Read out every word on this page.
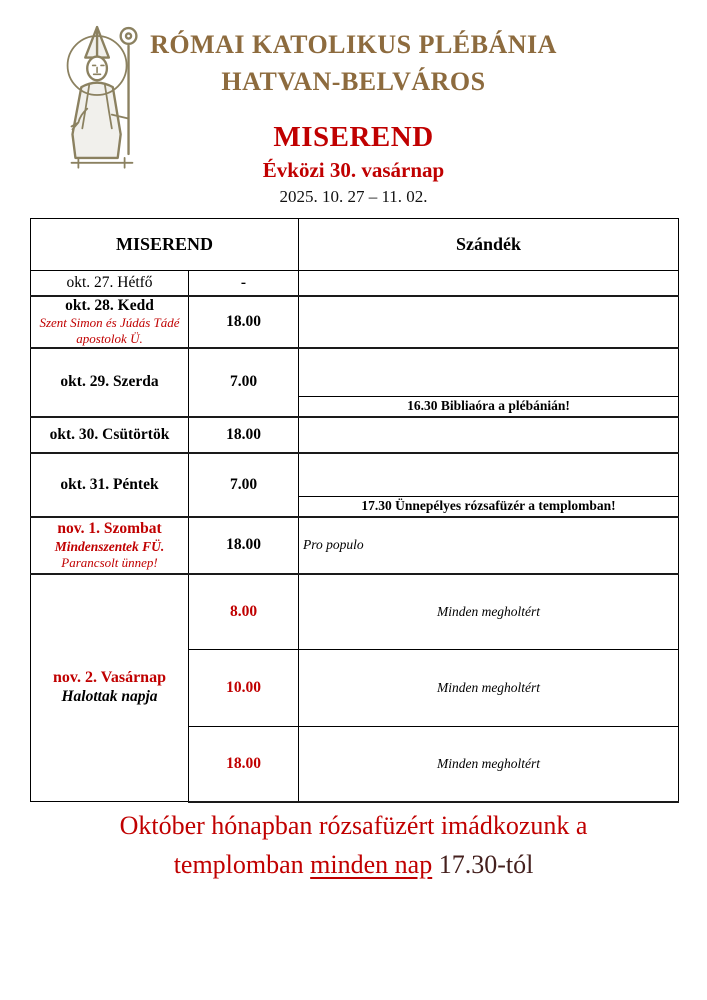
RÓMAI KATOLIKUS PLÉBÁNIA
HATVAN-BELVÁROS
MISEREND
Évközi 30. vasárnap
2025. 10. 27 – 11. 02.
MISEREND		Szándék
okt. 27. Hétfő	-	

okt. 28. Kedd
Szent Simon és Júdás Tádé
apostolok Ü.	18.00	
okt. 29. Szerda	7.00	
		16.30 Bibliaóra a plébánián!
okt. 30. Csütörtök	18.00	
okt. 31. Péntek	7.00	
		17.30 Ünnepélyes rózsafüzér a templomban!

nov. 1. Szombat
Mindenszentek FÜ.
Parancsolt ünnep!	18.00	Pro populo

nov. 2. Vasárnap
Halottak napja	8.00	Minden megholtért
	10.00	Minden megholtért
	18.00	Minden megholtért
Október hónapban rózsafüzért imádkozunk a
templomban minden nap 17.30-tól
